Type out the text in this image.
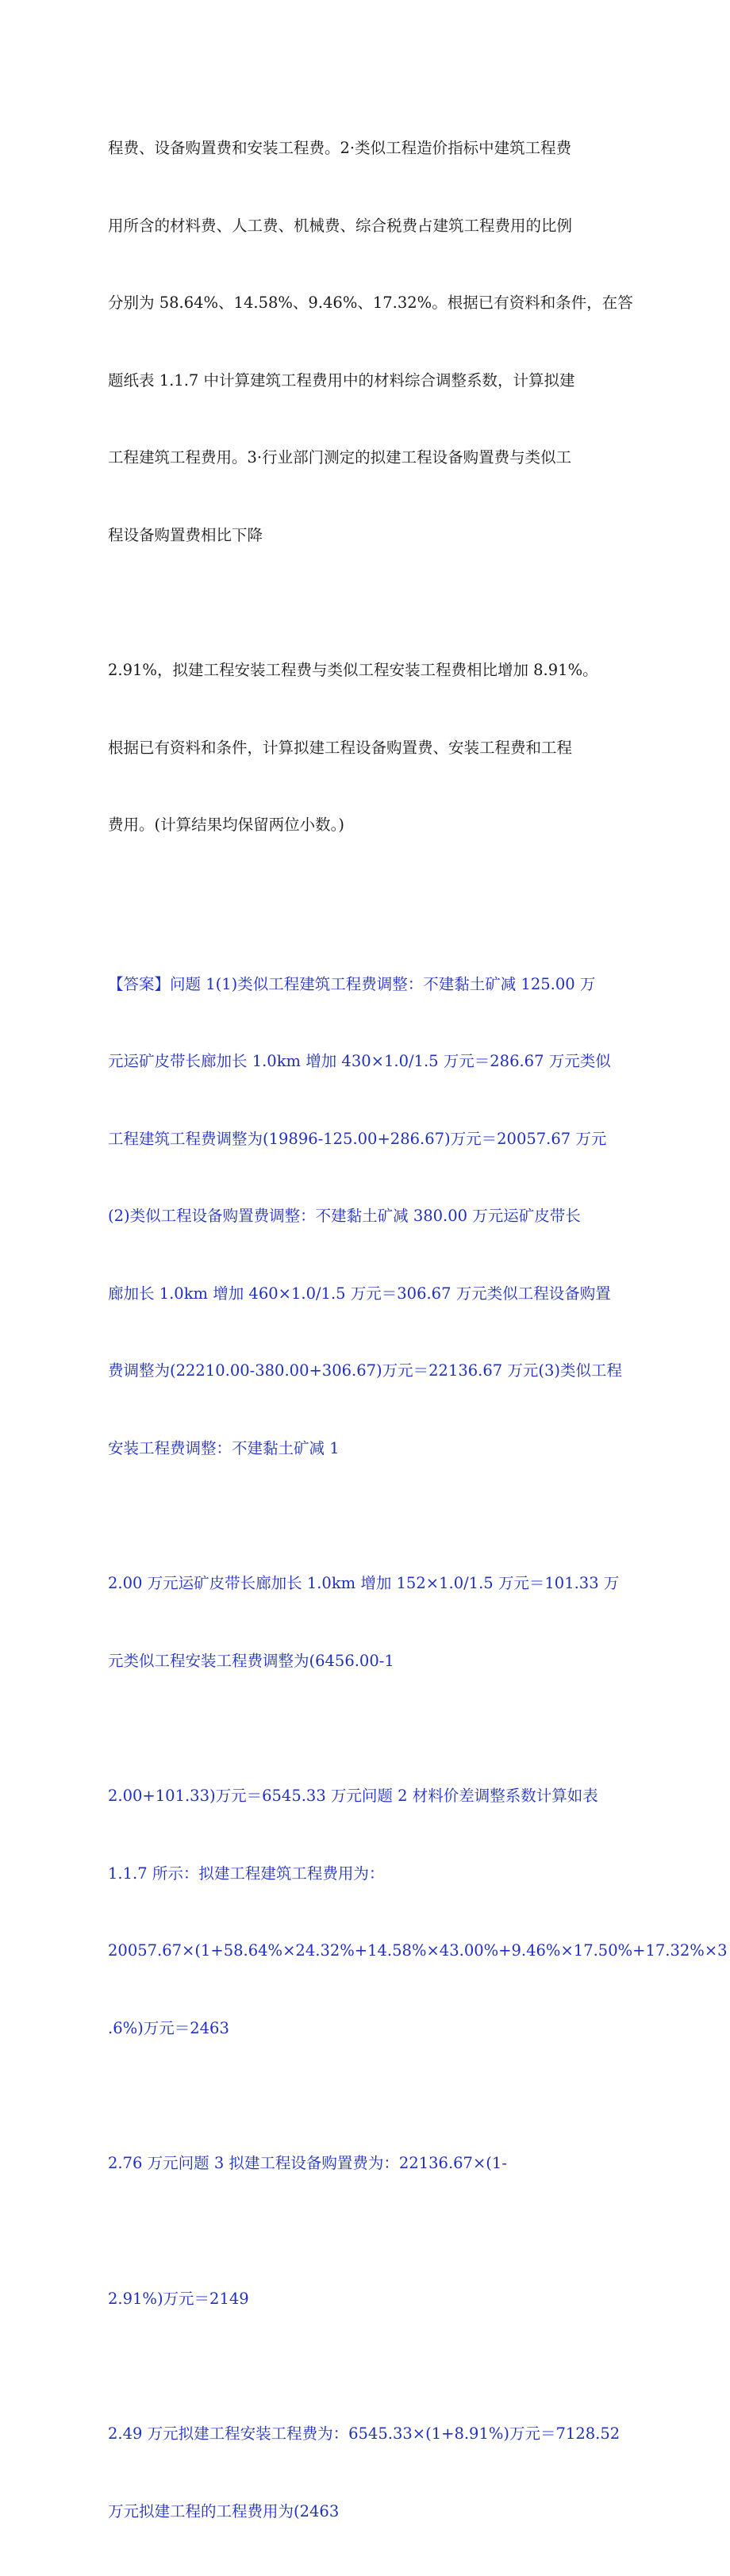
程费、设备购置费和安装工程费。2·类似工程造价指标中建筑工程费

用所含的材料费、人工费、机械费、综合税费占建筑工程费用的比例

分别为 58.64%、14.58%、9.46%、17.32%。根据已有资料和条件，在答

题纸表 1.1.7 中计算建筑工程费用中的材料综合调整系数，计算拟建

工程建筑工程费用。3·行业部门测定的拟建工程设备购置费与类似工

程设备购置费相比下降

2.91%，拟建工程安装工程费与类似工程安装工程费相比增加 8.91%。

根据已有资料和条件，计算拟建工程设备购置费、安装工程费和工程

费用。(计算结果均保留两位小数。)

【答案】问题 1(1)类似工程建筑工程费调整：不建黏土矿减 125.00 万

元运矿皮带长廊加长 1.0km 增加 430×1.0/1.5 万元＝286.67 万元类似

工程建筑工程费调整为(19896-125.00+286.67)万元＝20057.67 万元

(2)类似工程设备购置费调整：不建黏土矿减 380.00 万元运矿皮带长

廊加长 1.0km 增加 460×1.0/1.5 万元＝306.67 万元类似工程设备购置

费调整为(22210.00-380.00+306.67)万元＝22136.67 万元(3)类似工程

安装工程费调整：不建黏土矿减 1

2.00 万元运矿皮带长廊加长 1.0km 增加 152×1.0/1.5 万元＝101.33 万

元类似工程安装工程费调整为(6456.00-1

2.00+101.33)万元＝6545.33 万元问题 2 材料价差调整系数计算如表

1.1.7 所示：拟建工程建筑工程费用为：

20057.67×(1+58.64%×24.32%+14.58%×43.00%+9.46%×17.50%+17.32%×3

.6%)万元＝2463

2.76 万元问题 3 拟建工程设备购置费为：22136.67×(1-

2.91%)万元＝2149

2.49 万元拟建工程安装工程费为：6545.33×(1+8.91%)万元＝7128.52

万元拟建工程的工程费用为(2463
